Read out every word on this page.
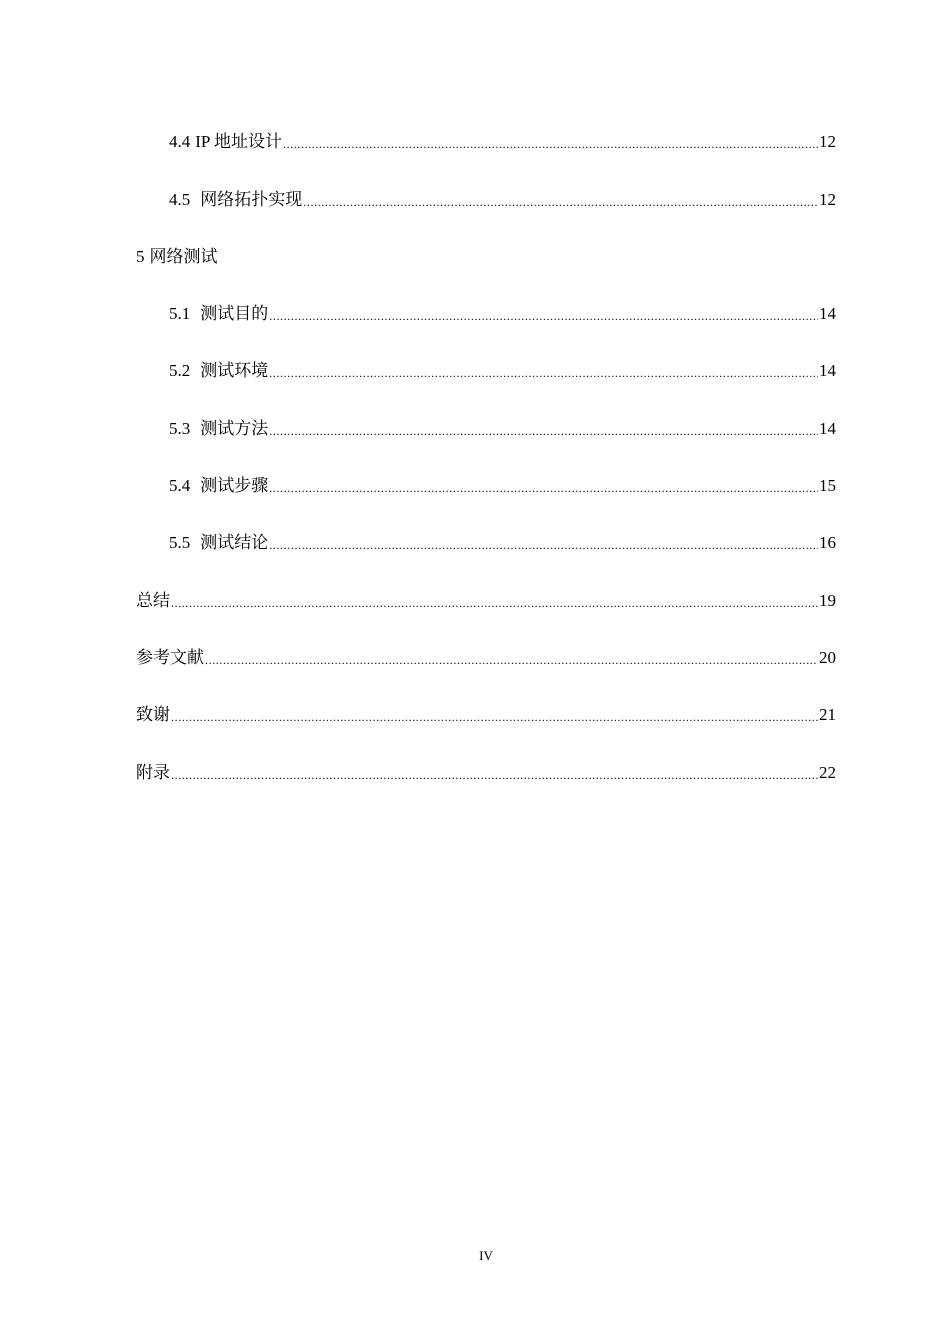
4.4 IP 地址设计 .....	12
4.5 网络拓扑实现 .....	12
5 网络测试
5.1 测试目的 .....	14
5.2 测试环境 .....	14
5.3 测试方法 .....	14
5.4 测试步骤 .....	15
5.5 测试结论 .....	16
总结 .....	19
参考文献 .....	20
致谢 .....	21
附录 .....	22
IV
